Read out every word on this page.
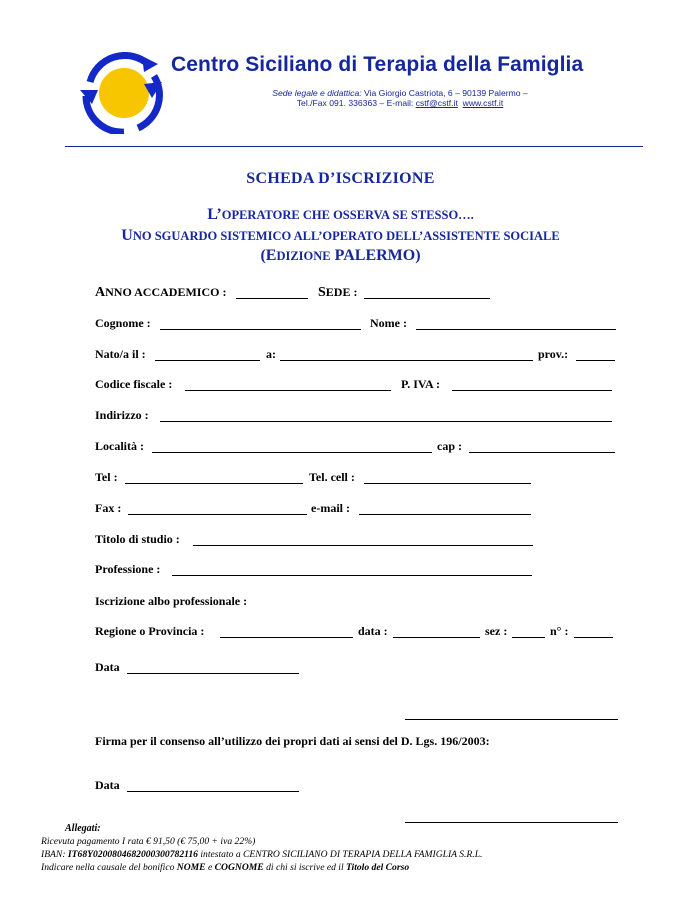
Centro Siciliano di Terapia della Famiglia
Sede legale e didattica: Via Giorgio Castriota, 6 – 90139 Palermo –
Tel./Fax 091. 336363 – E-mail: cstf@cstf.it www.cstf.it
SCHEDA D’ISCRIZIONE
L’OPERATORE CHE OSSERVA SE STESSO….
UNO SGUARDO SISTEMICO ALL’OPERATO DELL’ASSISTENTE SOCIALE
(EDIZIONE PALERMO)
ANNO ACCADEMICO :	SEDE :
Cognome :	Nome :
Nato/a il :	a:	prov.:
Codice fiscale :	P. IVA :
Indirizzo :
Località :	cap :
Tel :	Tel. cell :
Fax :	e-mail :
Titolo di studio :
Professione :
Iscrizione albo professionale :
Regione o Provincia :	data :	sez :	n° :
Data
Firma per il consenso all’utilizzo dei propri dati ai sensi del D. Lgs. 196/2003:
Data
Allegati:
Ricevuta pagamento I rata € 91,50 (€ 75,00 + iva 22%)
IBAN: IT68Y0200804682000300782116 intestato a CENTRO SICILIANO DI TERAPIA DELLA FAMIGLIA S.R.L.
Indicare nella causale del bonifico NOME e COGNOME di chi si iscrive ed il Titolo del Corso
